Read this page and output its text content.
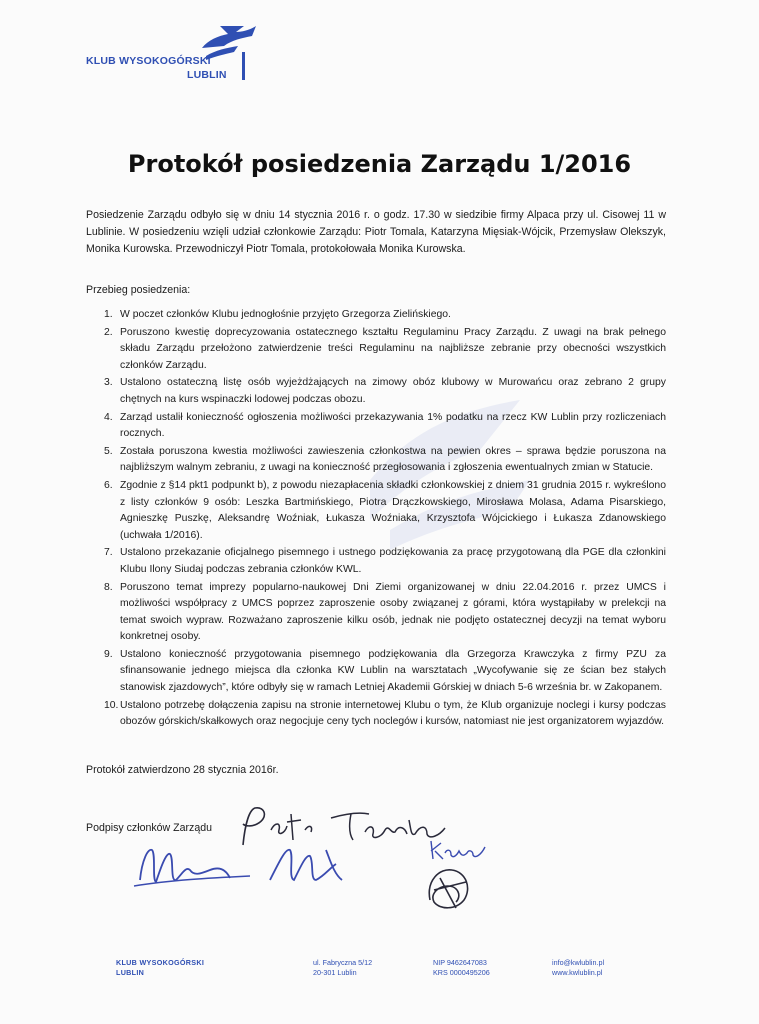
KLUB WYSOKOGÓRSKI
LUBLIN
Protokół posiedzenia Zarządu 1/2016
Posiedzenie Zarządu odbyło się w dniu 14 stycznia 2016 r. o godz. 17.30 w siedzibie firmy Alpaca przy ul. Cisowej 11 w Lublinie. W posiedzeniu wzięli udział członkowie Zarządu: Piotr Tomala, Katarzyna Mięsiak-Wójcik, Przemysław Olekszyk, Monika Kurowska. Przewodniczył Piotr Tomala, protokołowała Monika Kurowska.
Przebieg posiedzenia:
1. W poczet członków Klubu jednogłośnie przyjęto Grzegorza Zielińskiego.
2. Poruszono kwestię doprecyzowania ostatecznego kształtu Regulaminu Pracy Zarządu. Z uwagi na brak pełnego składu Zarządu przełożono zatwierdzenie treści Regulaminu na najbliższe zebranie przy obecności wszystkich członków Zarządu.
3. Ustalono ostateczną listę osób wyjeżdżających na zimowy obóz klubowy w Murowańcu oraz zebrano 2 grupy chętnych na kurs wspinaczki lodowej podczas obozu.
4. Zarząd ustalił konieczność ogłoszenia możliwości przekazywania 1% podatku na rzecz KW Lublin przy rozliczeniach rocznych.
5. Została poruszona kwestia możliwości zawieszenia członkostwa na pewien okres – sprawa będzie poruszona na najbliższym walnym zebraniu, z uwagi na konieczność przegłosowania i zgłoszenia ewentualnych zmian w Statucie.
6. Zgodnie z §14 pkt1 podpunkt b), z powodu niezapłacenia składki członkowskiej z dniem 31 grudnia 2015 r. wykreślono z listy członków 9 osób: Leszka Bartmińskiego, Piotra Drączkowskiego, Mirosława Molasa, Adama Pisarskiego, Agnieszkę Puszkę, Aleksandrę Woźniak, Łukasza Woźniaka, Krzysztofa Wójcickiego i Łukasza Zdanowskiego (uchwała 1/2016).
7. Ustalono przekazanie oficjalnego pisemnego i ustnego podziękowania za pracę przygotowaną dla PGE dla członkini Klubu Ilony Siudaj podczas zebrania członków KWL.
8. Poruszono temat imprezy popularno-naukowej Dni Ziemi organizowanej w dniu 22.04.2016 r. przez UMCS i możliwości współpracy z UMCS poprzez zaproszenie osoby związanej z górami, która wystąpiłaby w prelekcji na temat swoich wypraw. Rozważano zaproszenie kilku osób, jednak nie podjęto ostatecznej decyzji na temat wyboru konkretnej osoby.
9. Ustalono konieczność przygotowania pisemnego podziękowania dla Grzegorza Krawczyka z firmy PZU za sfinansowanie jednego miejsca dla członka KW Lublin na warsztatach „Wycofywanie się ze ścian bez stałych stanowisk zjazdowych”, które odbyły się w ramach Letniej Akademii Górskiej w dniach 5-6 września br. w Zakopanem.
10. Ustalono potrzebę dołączenia zapisu na stronie internetowej Klubu o tym, że Klub organizuje noclegi i kursy podczas obozów górskich/skałkowych oraz negocjuje ceny tych noclegów i kursów, natomiast nie jest organizatorem wyjazdów.
Protokół zatwierdzono 28 stycznia 2016r.
Podpisy członków Zarządu
KLUB WYSOKOGÓRSKI
LUBLIN
ul. Fabryczna 5/12
20-301 Lublin
NIP 9462647083
KRS 0000495206
info@kwlublin.pl
www.kwlublin.pl
